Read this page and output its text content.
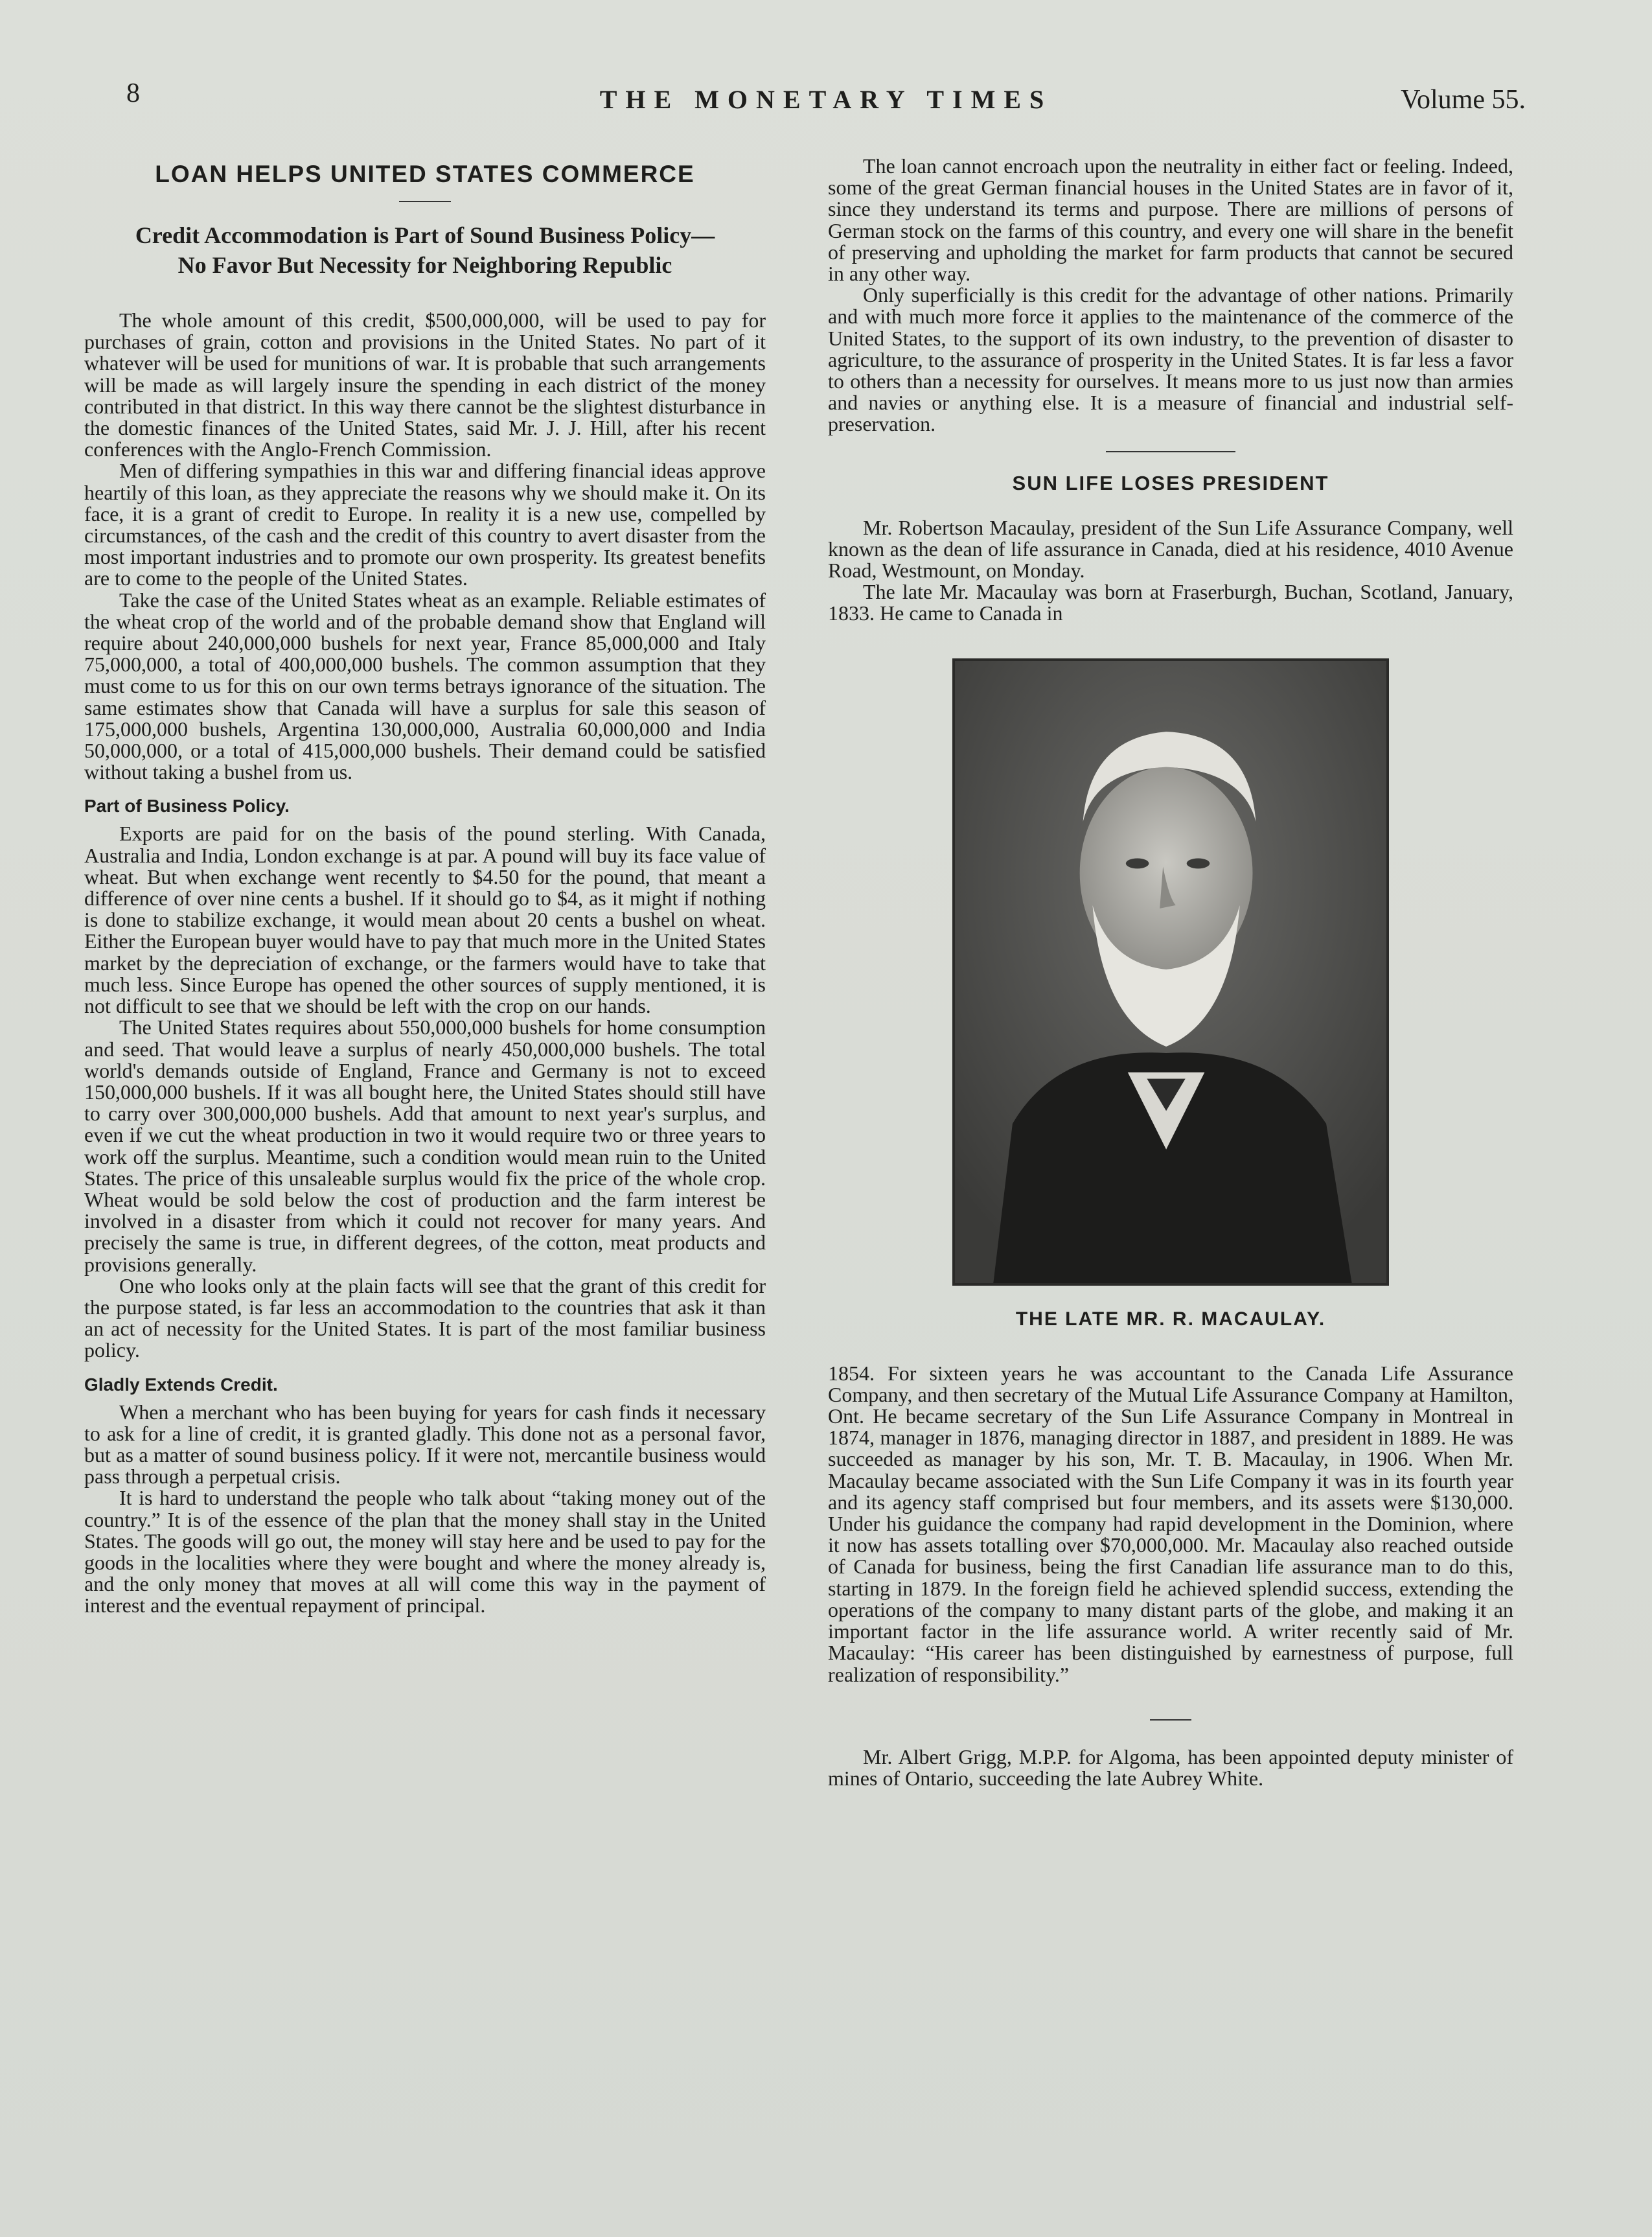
8	THE MONETARY TIMES	Volume 55.
LOAN HELPS UNITED STATES COMMERCE
Credit Accommodation is Part of Sound Business Policy—
No Favor But Necessity for Neighboring Republic

The whole amount of this credit, $500,000,000, will be used to pay for purchases of grain, cotton and provisions in the United States. No part of it whatever will be used for munitions of war. It is probable that such arrangements will be made as will largely insure the spending in each district of the money contributed in that district. In this way there cannot be the slightest disturbance in the domestic finances of the United States, said Mr. J. J. Hill, after his recent conferences with the Anglo-French Commission.

Men of differing sympathies in this war and differing financial ideas approve heartily of this loan, as they appreciate the reasons why we should make it. On its face, it is a grant of credit to Europe. In reality it is a new use, compelled by circumstances, of the cash and the credit of this country to avert disaster from the most important industries and to promote our own prosperity. Its greatest benefits are to come to the people of the United States.

Take the case of the United States wheat as an example. Reliable estimates of the wheat crop of the world and of the probable demand show that England will require about 240,000,000 bushels for next year, France 85,000,000 and Italy 75,000,000, a total of 400,000,000 bushels. The common assumption that they must come to us for this on our own terms betrays ignorance of the situation. The same estimates show that Canada will have a surplus for sale this season of 175,000,000 bushels, Argentina 130,000,000, Australia 60,000,000 and India 50,000,000, or a total of 415,000,000 bushels. Their demand could be satisfied without taking a bushel from us.

Part of Business Policy.

Exports are paid for on the basis of the pound sterling. With Canada, Australia and India, London exchange is at par. A pound will buy its face value of wheat. But when exchange went recently to $4.50 for the pound, that meant a difference of over nine cents a bushel. If it should go to $4, as it might if nothing is done to stabilize exchange, it would mean about 20 cents a bushel on wheat. Either the European buyer would have to pay that much more in the United States market by the depreciation of exchange, or the farmers would have to take that much less. Since Europe has opened the other sources of supply mentioned, it is not difficult to see that we should be left with the crop on our hands.

The United States requires about 550,000,000 bushels for home consumption and seed. That would leave a surplus of nearly 450,000,000 bushels. The total world's demands outside of England, France and Germany is not to exceed 150,000,000 bushels. If it was all bought here, the United States should still have to carry over 300,000,000 bushels. Add that amount to next year's surplus, and even if we cut the wheat production in two it would require two or three years to work off the surplus. Meantime, such a condition would mean ruin to the United States. The price of this unsaleable surplus would fix the price of the whole crop. Wheat would be sold below the cost of production and the farm interest be involved in a disaster from which it could not recover for many years. And precisely the same is true, in different degrees, of the cotton, meat products and provisions generally.

One who looks only at the plain facts will see that the grant of this credit for the purpose stated, is far less an accommodation to the countries that ask it than an act of necessity for the United States. It is part of the most familiar business policy.

Gladly Extends Credit.

When a merchant who has been buying for years for cash finds it necessary to ask for a line of credit, it is granted gladly. This done not as a personal favor, but as a matter of sound business policy. If it were not, mercantile business would pass through a perpetual crisis.

It is hard to understand the people who talk about “taking money out of the country.” It is of the essence of the plan that the money shall stay in the United States. The goods will go out, the money will stay here and be used to pay for the goods in the localities where they were bought and where the money already is, and the only money that moves at all will come this way in the payment of interest and the eventual repayment of principal.

The loan cannot encroach upon the neutrality in either fact or feeling. Indeed, some of the great German financial houses in the United States are in favor of it, since they understand its terms and purpose. There are millions of persons of German stock on the farms of this country, and every one will share in the benefit of preserving and upholding the market for farm products that cannot be secured in any other way.

Only superficially is this credit for the advantage of other nations. Primarily and with much more force it applies to the maintenance of the commerce of the United States, to the support of its own industry, to the prevention of disaster to agriculture, to the assurance of prosperity in the United States. It is far less a favor to others than a necessity for ourselves. It means more to us just now than armies and navies or anything else. It is a measure of financial and industrial self-preservation.

SUN LIFE LOSES PRESIDENT

Mr. Robertson Macaulay, president of the Sun Life Assurance Company, well known as the dean of life assurance in Canada, died at his residence, 4010 Avenue Road, Westmount, on Monday.

The late Mr. Macaulay was born at Fraserburgh, Buchan, Scotland, January, 1833. He came to Canada in

THE LATE MR. R. MACAULAY.

1854. For sixteen years he was accountant to the Canada Life Assurance Company, and then secretary of the Mutual Life Assurance Company at Hamilton, Ont. He became secretary of the Sun Life Assurance Company in Montreal in 1874, manager in 1876, managing director in 1887, and president in 1889. He was succeeded as manager by his son, Mr. T. B. Macaulay, in 1906. When Mr. Macaulay became associated with the Sun Life Company it was in its fourth year and its agency staff comprised but four members, and its assets were $130,000. Under his guidance the company had rapid development in the Dominion, where it now has assets totalling over $70,000,000. Mr. Macaulay also reached outside of Canada for business, being the first Canadian life assurance man to do this, starting in 1879. In the foreign field he achieved splendid success, extending the operations of the company to many distant parts of the globe, and making it an important factor in the life assurance world. A writer recently said of Mr. Macaulay: “His career has been distinguished by earnestness of purpose, full realization of responsibility.”

Mr. Albert Grigg, M.P.P. for Algoma, has been appointed deputy minister of mines of Ontario, succeeding the late Aubrey White.
